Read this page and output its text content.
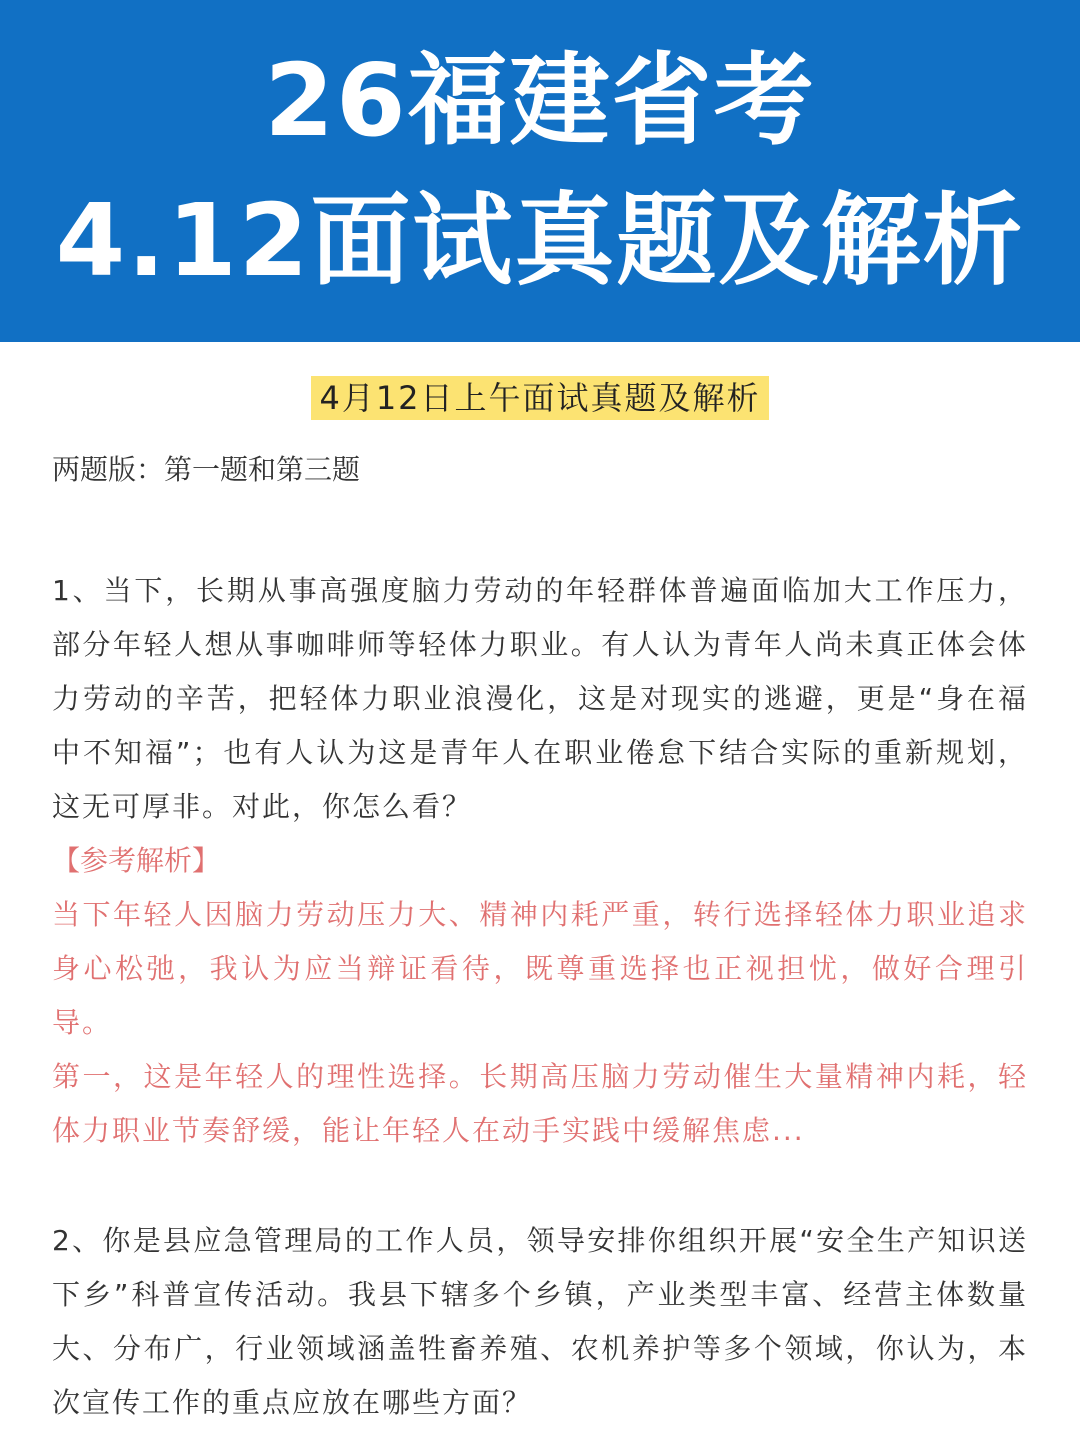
26福建省考
4.12面试真题及解析
4月12日上午面试真题及解析
两题版：第一题和第三题

1、当下，长期从事高强度脑力劳动的年轻群体普遍面临加大工作压力，部分年轻人想从事咖啡师等轻体力职业。有人认为青年人尚未真正体会体力劳动的辛苦，把轻体力职业浪漫化，这是对现实的逃避，更是“身在福中不知福”；也有人认为这是青年人在职业倦怠下结合实际的重新规划，这无可厚非。对此，你怎么看？

【参考解析】

当下年轻人因脑力劳动压力大、精神内耗严重，转行选择轻体力职业追求身心松弛，我认为应当辩证看待，既尊重选择也正视担忧，做好合理引导。

第一，这是年轻人的理性选择。长期高压脑力劳动催生大量精神内耗，轻体力职业节奏舒缓，能让年轻人在动手实践中缓解焦虑...

2、你是县应急管理局的工作人员，领导安排你组织开展“安全生产知识送下乡”科普宣传活动。我县下辖多个乡镇，产业类型丰富、经营主体数量大、分布广，行业领域涵盖牲畜养殖、农机养护等多个领域，你认为，本次宣传工作的重点应放在哪些方面？
